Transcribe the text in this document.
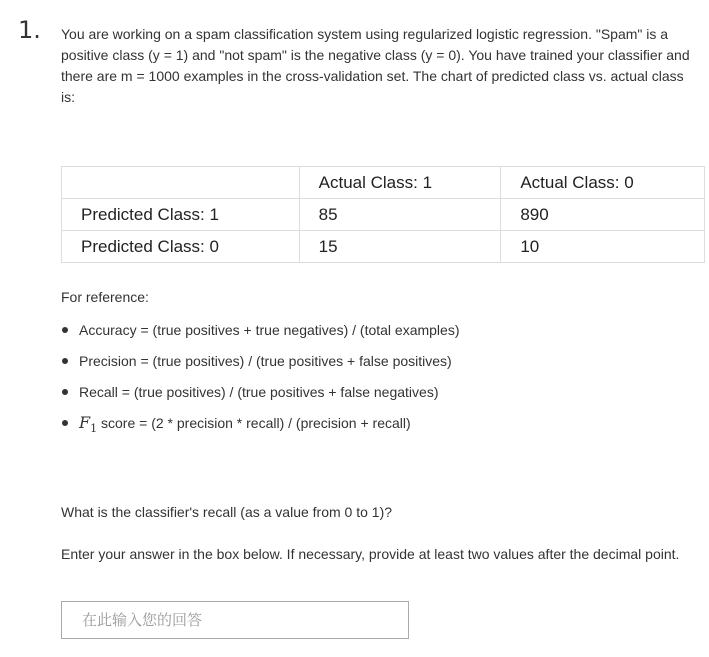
1. You are working on a spam classification system using regularized logistic regression. "Spam" is a positive class (y = 1) and "not spam" is the negative class (y = 0). You have trained your classifier and there are m = 1000 examples in the cross-validation set. The chart of predicted class vs. actual class is:
	Actual Class: 1	Actual Class: 0
Predicted Class: 1	85	890
Predicted Class: 0	15	10
For reference:
Accuracy = (true positives + true negatives) / (total examples)
Precision = (true positives) / (true positives + false positives)
Recall = (true positives) / (true positives + false negatives)
$F_1$ score = (2 * precision * recall) / (precision + recall)
What is the classifier's recall (as a value from 0 to 1)?
Enter your answer in the box below. If necessary, provide at least two values after the decimal point.
在此输入您的回答
